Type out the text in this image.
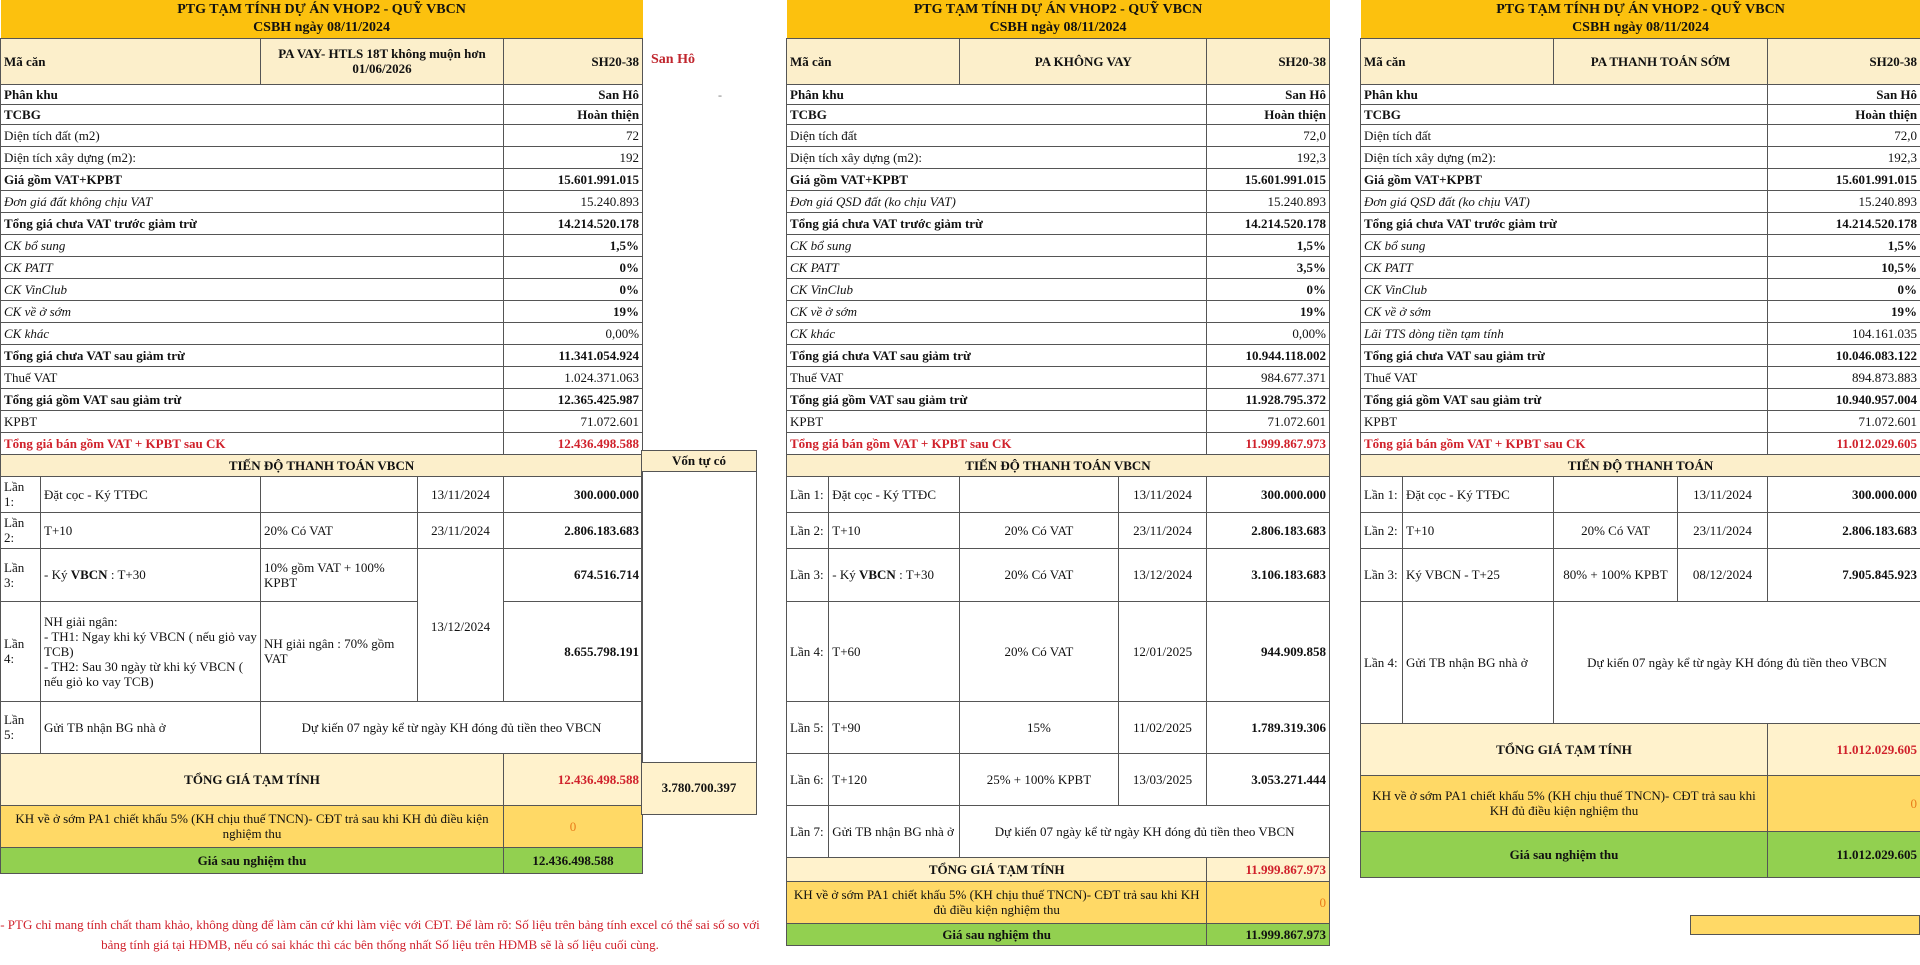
PTG TẠM TÍNH DỰ ÁN VHOP2 - QUỸ VBCN
CSBH ngày 08/11/2024				

Mã căn		PA VAY- HTLS 18T không muộn hơn 01/06/2026		SH20-38
Phân khu				San Hô
TCBG				Hoàn thiện
Diện tích đất (m2)				72
Diện tích xây dựng (m2):				192
Giá gồm VAT+KPBT				15.601.991.015
Đơn giá đất không chịu VAT				15.240.893
Tổng giá chưa VAT trước giảm trừ				14.214.520.178
CK bổ sung				1,5%
CK PATT				0%
CK VinClub				0%
CK về ở sớm				19%
CK khác				0,00%
Tổng giá chưa VAT sau giảm trừ				11.341.054.924
Thuế VAT				1.024.371.063
Tổng giá gồm VAT sau giảm trừ				12.365.425.987
KPBT				71.072.601
Tổng giá bán gồm VAT + KPBT sau CK				12.436.498.588
TIẾN ĐỘ THANH TOÁN VBCN				
Lần 1:	Đặt cọc - Ký TTĐC		13/11/2024	300.000.000
Lần 2:	T+10	20% Có VAT	23/11/2024	2.806.183.683
Lần 3:	- Ký VBCN : T+30	10% gồm VAT + 100% KPBT	13/12/2024	674.516.714
Lần 4:	NH giải ngân:
- TH1: Ngay khi ký VBCN ( nếu giỏ vay TCB)
- TH2: Sau 30 ngày từ khi ký VBCN ( nếu giỏ ko vay TCB)	NH giải ngân : 70% gồm VAT		8.655.798.191
Lần 5:	Gửi TB nhận BG nhà ở	Dự kiến 07 ngày kể từ ngày KH đóng đủ tiền theo VBCN		
TỔNG GIÁ TẠM TÍNH				12.436.498.588
KH về ở sớm PA1 chiết khấu 5% (KH chịu thuế TNCN)- CĐT trả sau khi KH đủ điều kiện nghiệm thu				0
Giá sau nghiệm thu				12.436.498.588
Vốn tự có
3.780.700.397
San Hô
-
PTG TẠM TÍNH DỰ ÁN VHOP2 - QUỸ VBCN
CSBH ngày 08/11/2024				

Mã căn		PA KHÔNG VAY		SH20-38
Phân khu				San Hô
TCBG				Hoàn thiện
Diện tích đất				72,0
Diện tích xây dựng (m2):				192,3
Giá gồm VAT+KPBT				15.601.991.015
Đơn giá QSD đất (ko chịu VAT)				15.240.893
Tổng giá chưa VAT trước giảm trừ				14.214.520.178
CK bổ sung				1,5%
CK PATT				3,5%
CK VinClub				0%
CK về ở sớm				19%
CK khác				0,00%
Tổng giá chưa VAT sau giảm trừ				10.944.118.002
Thuế VAT				984.677.371
Tổng giá gồm VAT sau giảm trừ				11.928.795.372
KPBT				71.072.601
Tổng giá bán gồm VAT + KPBT sau CK				11.999.867.973
TIẾN ĐỘ THANH TOÁN VBCN				
Lần 1:	Đặt cọc - Ký TTĐC		13/11/2024	300.000.000
Lần 2:	T+10	20% Có VAT	23/11/2024	2.806.183.683
Lần 3:	- Ký VBCN : T+30	20% Có VAT	13/12/2024	3.106.183.683
Lần 4:	T+60	20% Có VAT	12/01/2025	944.909.858
Lần 5:	T+90	15%	11/02/2025	1.789.319.306
Lần 6:	T+120	25% + 100% KPBT	13/03/2025	3.053.271.444
Lần 7:	Gửi TB nhận BG nhà ở	Dự kiến 07 ngày kể từ ngày KH đóng đủ tiền theo VBCN		
TỔNG GIÁ TẠM TÍNH				11.999.867.973
KH về ở sớm PA1 chiết khấu 5% (KH chịu thuế TNCN)- CĐT trả sau khi KH đủ điều kiện nghiệm thu				0
Giá sau nghiệm thu				11.999.867.973
PTG TẠM TÍNH DỰ ÁN VHOP2 - QUỸ VBCN
CSBH ngày 08/11/2024				

Mã căn		PA THANH TOÁN SỚM		SH20-38
Phân khu				San Hô
TCBG				Hoàn thiện
Diện tích đất				72,0
Diện tích xây dựng (m2):				192,3
Giá gồm VAT+KPBT				15.601.991.015
Đơn giá QSD đất (ko chịu VAT)				15.240.893
Tổng giá chưa VAT trước giảm trừ				14.214.520.178
CK bổ sung				1,5%
CK PATT				10,5%
CK VinClub				0%
CK về ở sớm				19%
Lãi TTS dòng tiền tạm tính				104.161.035
Tổng giá chưa VAT sau giảm trừ				10.046.083.122
Thuế VAT				894.873.883
Tổng giá gồm VAT sau giảm trừ				10.940.957.004
KPBT				71.072.601
Tổng giá bán gồm VAT + KPBT sau CK				11.012.029.605
TIẾN ĐỘ THANH TOÁN				
Lần 1:	Đặt cọc - Ký TTĐC		13/11/2024	300.000.000
Lần 2:	T+10	20% Có VAT	23/11/2024	2.806.183.683
Lần 3:	Ký VBCN - T+25	80% + 100% KPBT	08/12/2024	7.905.845.923
Lần 4:	Gửi TB nhận BG nhà ở	Dự kiến 07 ngày kể từ ngày KH đóng đủ tiền theo VBCN		
TỔNG GIÁ TẠM TÍNH				11.012.029.605
KH về ở sớm PA1 chiết khấu 5% (KH chịu thuế TNCN)- CĐT trả sau khi KH đủ điều kiện nghiệm thu				0
Giá sau nghiệm thu				11.012.029.605
- PTG chỉ mang tính chất tham khảo, không dùng để làm căn cứ khi làm việc với CĐT. Để làm rõ: Số liệu trên bảng tính excel có thể sai số so với bảng tính giá tại HĐMB, nếu có sai khác thì các bên thống nhất Số liệu trên HĐMB sẽ là số liệu cuối cùng.
